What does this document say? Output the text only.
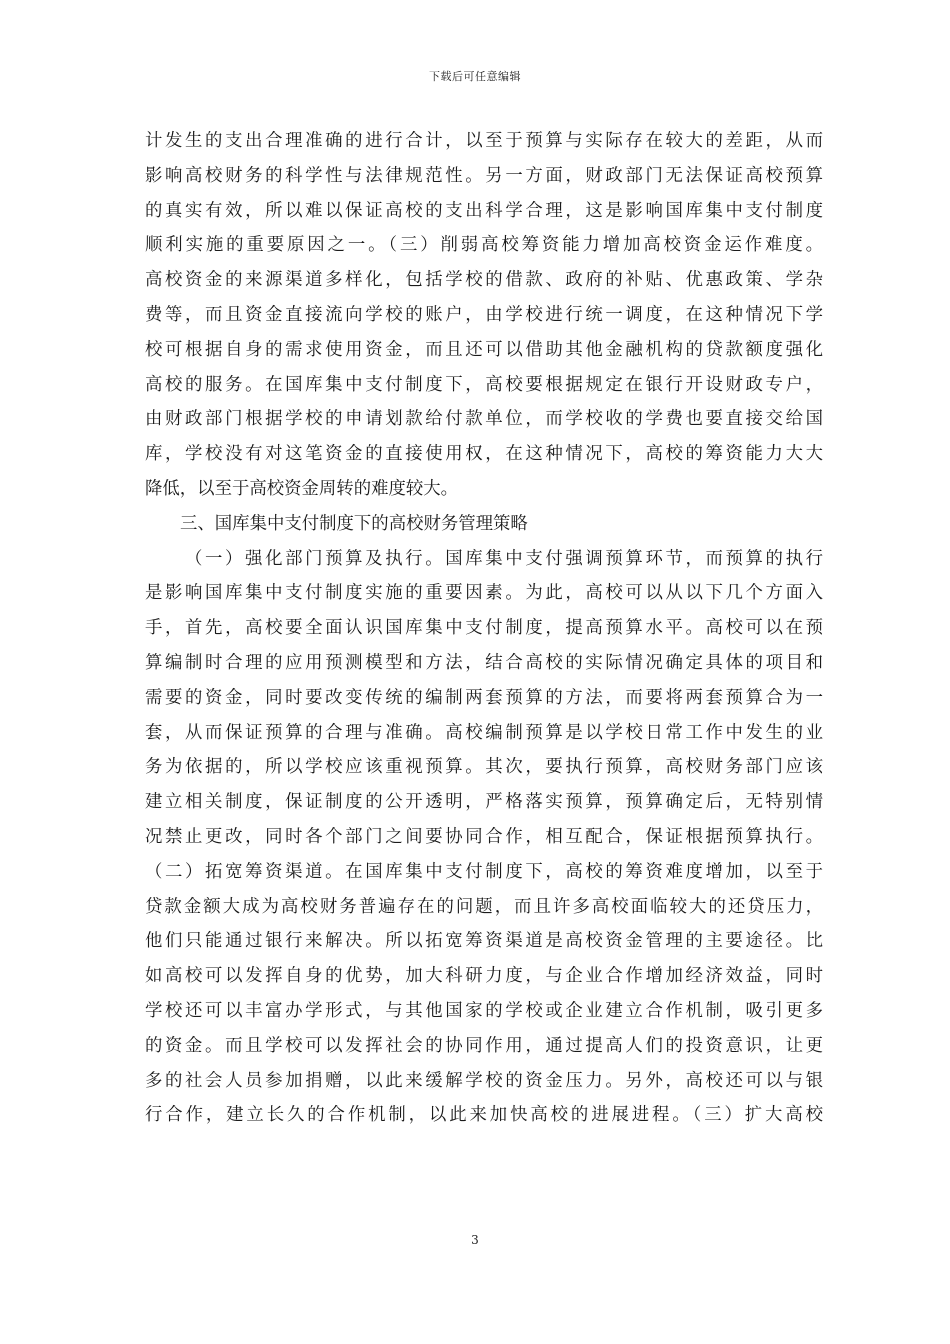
下载后可任意编辑
计发生的支出合理准确的进行合计，以至于预算与实际存在较大的差距，从而
影响高校财务的科学性与法律规范性。另一方面，财政部门无法保证高校预算
的真实有效，所以难以保证高校的支出科学合理，这是影响国库集中支付制度
顺利实施的重要原因之一。（三）削弱高校筹资能力增加高校资金运作难度。
高校资金的来源渠道多样化，包括学校的借款、政府的补贴、优惠政策、学杂
费等，而且资金直接流向学校的账户，由学校进行统一调度，在这种情况下学
校可根据自身的需求使用资金，而且还可以借助其他金融机构的贷款额度强化
高校的服务。在国库集中支付制度下，高校要根据规定在银行开设财政专户，
由财政部门根据学校的申请划款给付款单位，而学校收的学费也要直接交给国
库，学校没有对这笔资金的直接使用权，在这种情况下，高校的筹资能力大大
降低，以至于高校资金周转的难度较大。
三、国库集中支付制度下的高校财务管理策略
（一）强化部门预算及执行。国库集中支付强调预算环节，而预算的执行
是影响国库集中支付制度实施的重要因素。为此，高校可以从以下几个方面入
手，首先，高校要全面认识国库集中支付制度，提高预算水平。高校可以在预
算编制时合理的应用预测模型和方法，结合高校的实际情况确定具体的项目和
需要的资金，同时要改变传统的编制两套预算的方法，而要将两套预算合为一
套，从而保证预算的合理与准确。高校编制预算是以学校日常工作中发生的业
务为依据的，所以学校应该重视预算。其次，要执行预算，高校财务部门应该
建立相关制度，保证制度的公开透明，严格落实预算，预算确定后，无特别情
况禁止更改，同时各个部门之间要协同合作，相互配合，保证根据预算执行。
（二）拓宽筹资渠道。在国库集中支付制度下，高校的筹资难度增加，以至于
贷款金额大成为高校财务普遍存在的问题，而且许多高校面临较大的还贷压力，
他们只能通过银行来解决。所以拓宽筹资渠道是高校资金管理的主要途径。比
如高校可以发挥自身的优势，加大科研力度，与企业合作增加经济效益，同时
学校还可以丰富办学形式，与其他国家的学校或企业建立合作机制，吸引更多
的资金。而且学校可以发挥社会的协同作用，通过提高人们的投资意识，让更
多的社会人员参加捐赠，以此来缓解学校的资金压力。另外，高校还可以与银
行合作，建立长久的合作机制，以此来加快高校的进展进程。（三）扩大高校
3
